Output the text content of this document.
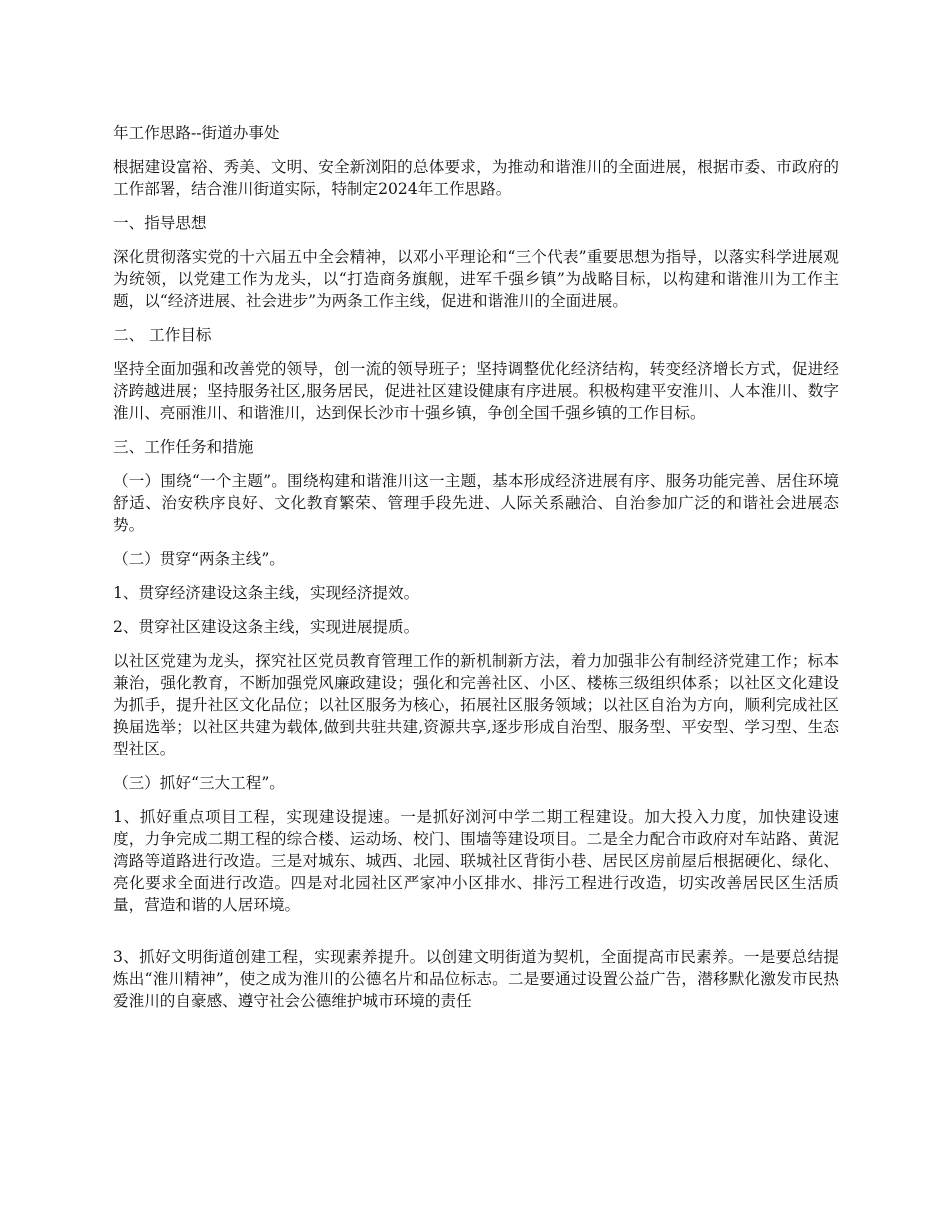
年工作思路--街道办事处

根据建设富裕、秀美、文明、安全新浏阳的总体要求，为推动和谐淮川的全面进展，根据市委、市政府的工作部署，结合淮川街道实际，特制定2024年工作思路。

一、指导思想

深化贯彻落实党的十六届五中全会精神，以邓小平理论和“三个代表”重要思想为指导，以落实科学进展观为统领，以党建工作为龙头，以“打造商务旗舰，进军千强乡镇”为战略目标，以构建和谐淮川为工作主题，以“经济进展、社会进步”为两条工作主线，促进和谐淮川的全面进展。

二、 工作目标

坚持全面加强和改善党的领导，创一流的领导班子；坚持调整优化经济结构，转变经济增长方式，促进经济跨越进展；坚持服务社区,服务居民，促进社区建设健康有序进展。积极构建平安淮川、人本淮川、数字淮川、亮丽淮川、和谐淮川，达到保长沙市十强乡镇，争创全国千强乡镇的工作目标。

三、工作任务和措施

（一）围绕“一个主题”。围绕构建和谐淮川这一主题，基本形成经济进展有序、服务功能完善、居住环境舒适、治安秩序良好、文化教育繁荣、管理手段先进、人际关系融洽、自治参加广泛的和谐社会进展态势。

（二）贯穿“两条主线”。

1、贯穿经济建设这条主线，实现经济提效。

2、贯穿社区建设这条主线，实现进展提质。

以社区党建为龙头，探究社区党员教育管理工作的新机制新方法，着力加强非公有制经济党建工作；标本兼治，强化教育，不断加强党风廉政建设；强化和完善社区、小区、楼栋三级组织体系；以社区文化建设为抓手，提升社区文化品位；以社区服务为核心，拓展社区服务领域；以社区自治为方向，顺利完成社区换届选举；以社区共建为载体,做到共驻共建,资源共享,逐步形成自治型、服务型、平安型、学习型、生态型社区。

（三）抓好“三大工程”。

1、抓好重点项目工程，实现建设提速。一是抓好浏河中学二期工程建设。加大投入力度，加快建设速度，力争完成二期工程的综合楼、运动场、校门、围墙等建设项目。二是全力配合市政府对车站路、黄泥湾路等道路进行改造。三是对城东、城西、北园、联城社区背街小巷、居民区房前屋后根据硬化、绿化、亮化要求全面进行改造。四是对北园社区严家冲小区排水、排污工程进行改造，切实改善居民区生活质量，营造和谐的人居环境。

3、抓好文明街道创建工程，实现素养提升。以创建文明街道为契机，全面提高市民素养。一是要总结提炼出“淮川精神”，使之成为淮川的公德名片和品位标志。二是要通过设置公益广告，潜移默化激发市民热爱淮川的自豪感、遵守社会公德维护城市环境的责任
